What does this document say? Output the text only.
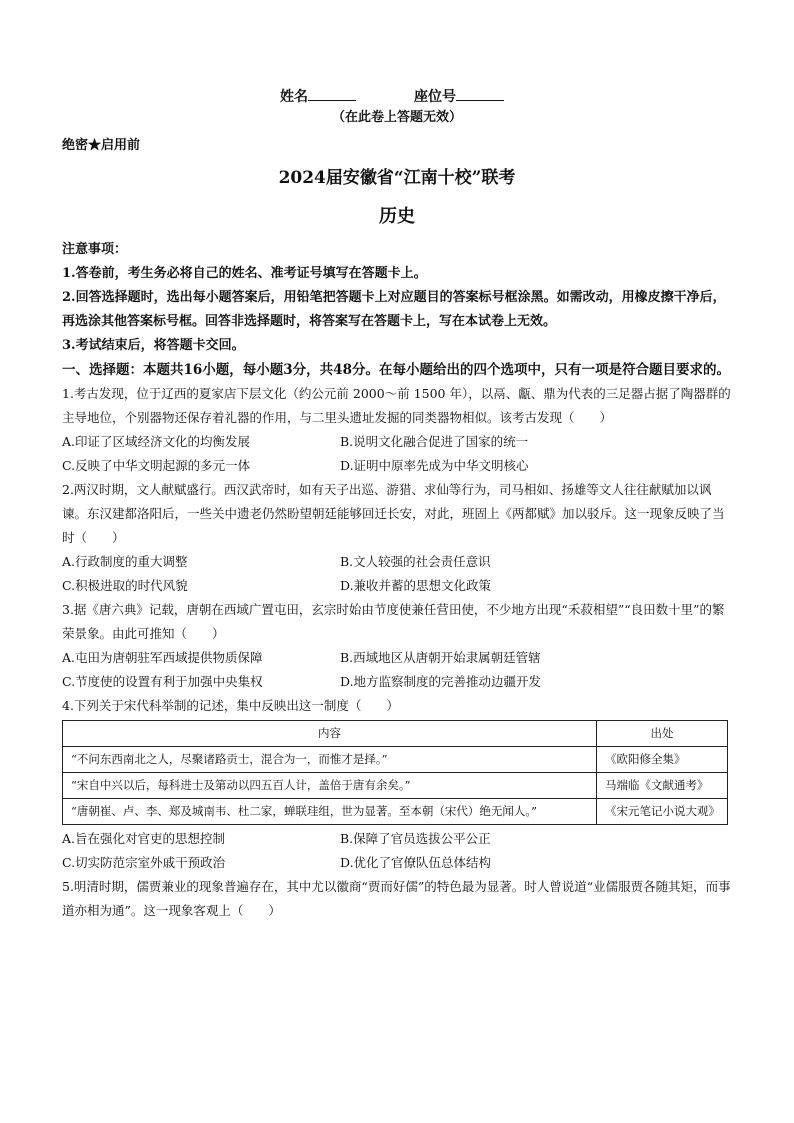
姓名	座位号
（在此卷上答题无效）
绝密★启用前
2024届安徽省“江南十校”联考
历史

注意事项：

1.答卷前，考生务必将自己的姓名、准考证号填写在答题卡上。

2.回答选择题时，选出每小题答案后，用铅笔把答题卡上对应题目的答案标号框涂黑。如需改动，用橡皮擦干净后，再选涂其他答案标号框。回答非选择题时，将答案写在答题卡上，写在本试卷上无效。

3.考试结束后，将答题卡交回。

一、选择题：本题共16小题，每小题3分，共48分。在每小题给出的四个选项中，只有一项是符合题目要求的。

1.考古发现，位于辽西的夏家店下层文化（约公元前 2000～前 1500 年），以鬲、甗、鼎为代表的三足器占据了陶器群的主导地位，个别器物还保存着礼器的作用，与二里头遗址发掘的同类器物相似。该考古发现（　　）

A.印证了区域经济文化的均衡发展	B.说明文化融合促进了国家的统一
C.反映了中华文明起源的多元一体	D.证明中原率先成为中华文明核心

2.两汉时期，文人献赋盛行。西汉武帝时，如有天子出巡、游猎、求仙等行为，司马相如、扬雄等文人往往献赋加以讽谏。东汉建都洛阳后，一些关中遗老仍然盼望朝廷能够回迁长安，对此，班固上《两都赋》加以驳斥。这一现象反映了当时（　　）

A.行政制度的重大调整	B.文人较强的社会责任意识
C.积极进取的时代风貌	D.兼收并蓄的思想文化政策

3.据《唐六典》记载，唐朝在西域广置屯田，玄宗时始由节度使兼任营田使，不少地方出现“禾菽相望”“良田数十里”的繁荣景象。由此可推知（　　）

A.屯田为唐朝驻军西域提供物质保障	B.西域地区从唐朝开始隶属朝廷管辖
C.节度使的设置有利于加强中央集权	D.地方监察制度的完善推动边疆开发

4.下列关于宋代科举制的记述，集中反映出这一制度（　　）

内容	出处
“不问东西南北之人，尽聚诸路贡士，混合为一，而惟才是择。”	《欧阳修全集》
“宋自中兴以后，每科进士及第动以四五百人计，盖倍于唐有余矣。”	马端临《文献通考》
“唐朝崔、卢、李、郑及城南韦、杜二家，蝉联珪组，世为显著。至本朝（宋代）绝无闻人。”	《宋元笔记小说大观》
A.旨在强化对官吏的思想控制	B.保障了官员选拔公平公正
C.切实防范宗室外戚干预政治	D.优化了官僚队伍总体结构

5.明清时期，儒贾兼业的现象普遍存在，其中尤以徽商“贾而好儒”的特色最为显著。时人曾说道“业儒服贾各随其矩，而事道亦相为通”。这一现象客观上（　　）
